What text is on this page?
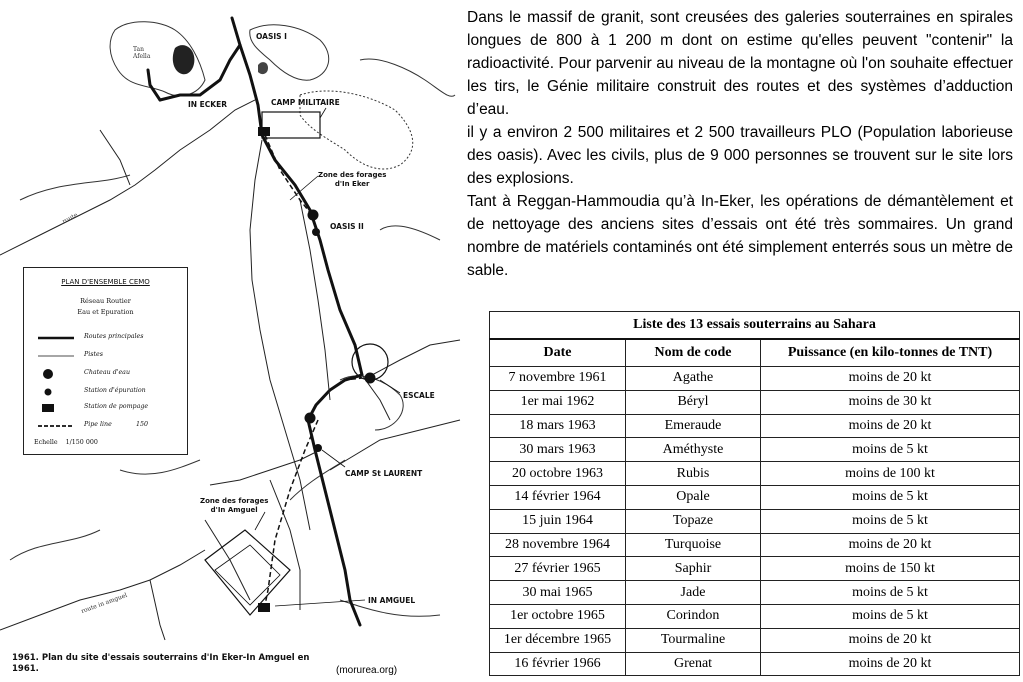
OASIS I
IN ECKER	CAMP MILITAIRE
Zone des forages
d'In Eker
OASIS II
ESCALE
CAMP St LAURENT
Zone des forages
d'In Amguel
IN AMGUEL
Tan
Afella
route
route in amguel
PLAN D'ENSEMBLE CEMO
Réseau Routier
Eau et Epuration
Routes principales
Pistes
Chateau d'eau
Station d'épuration
Station de pompage
Pipe line	150
Echelle    1/150 000
1961. Plan du site d'essais souterrains d'In Eker-In Amguel en 1961.	(morurea.org)

Dans le massif de granit, sont creusées des galeries souterraines en spirales longues de 800 à 1 200 m dont on estime qu'elles peuvent "contenir" la radioactivité. Pour parvenir au niveau de la montagne où l'on souhaite effectuer les tirs, le Génie militaire construit des routes et des systèmes d’adduction d’eau.

il y a environ 2 500 militaires et 2 500 travailleurs PLO (Population laborieuse des oasis). Avec les civils, plus de 9 000 personnes se trouvent sur le site lors des explosions.

Tant à Reggan-Hammoudia qu’à In-Eker, les opérations de démantèlement et de nettoyage des anciens sites d’essais ont été très sommaires. Un grand nombre de matériels contaminés ont été simplement enterrés sous un mètre de sable.

Liste des 13 essais souterrains au Sahara		
Date	Nom de code	Puissance (en kilo-tonnes de TNT)
7 novembre 1961	Agathe	moins de 20 kt
1er mai 1962	Béryl	moins de 30 kt
18 mars 1963	Emeraude	moins de 20 kt
30 mars 1963	Améthyste	moins de 5 kt
20 octobre 1963	Rubis	moins de 100 kt
14 février 1964	Opale	moins de 5 kt
15 juin 1964	Topaze	moins de 5 kt
28 novembre 1964	Turquoise	moins de 20 kt
27 février 1965	Saphir	moins de 150 kt
30 mai 1965	Jade	moins de 5 kt
1er octobre 1965	Corindon	moins de 5 kt
1er décembre 1965	Tourmaline	moins de 20 kt
16 février 1966	Grenat	moins de 20 kt
